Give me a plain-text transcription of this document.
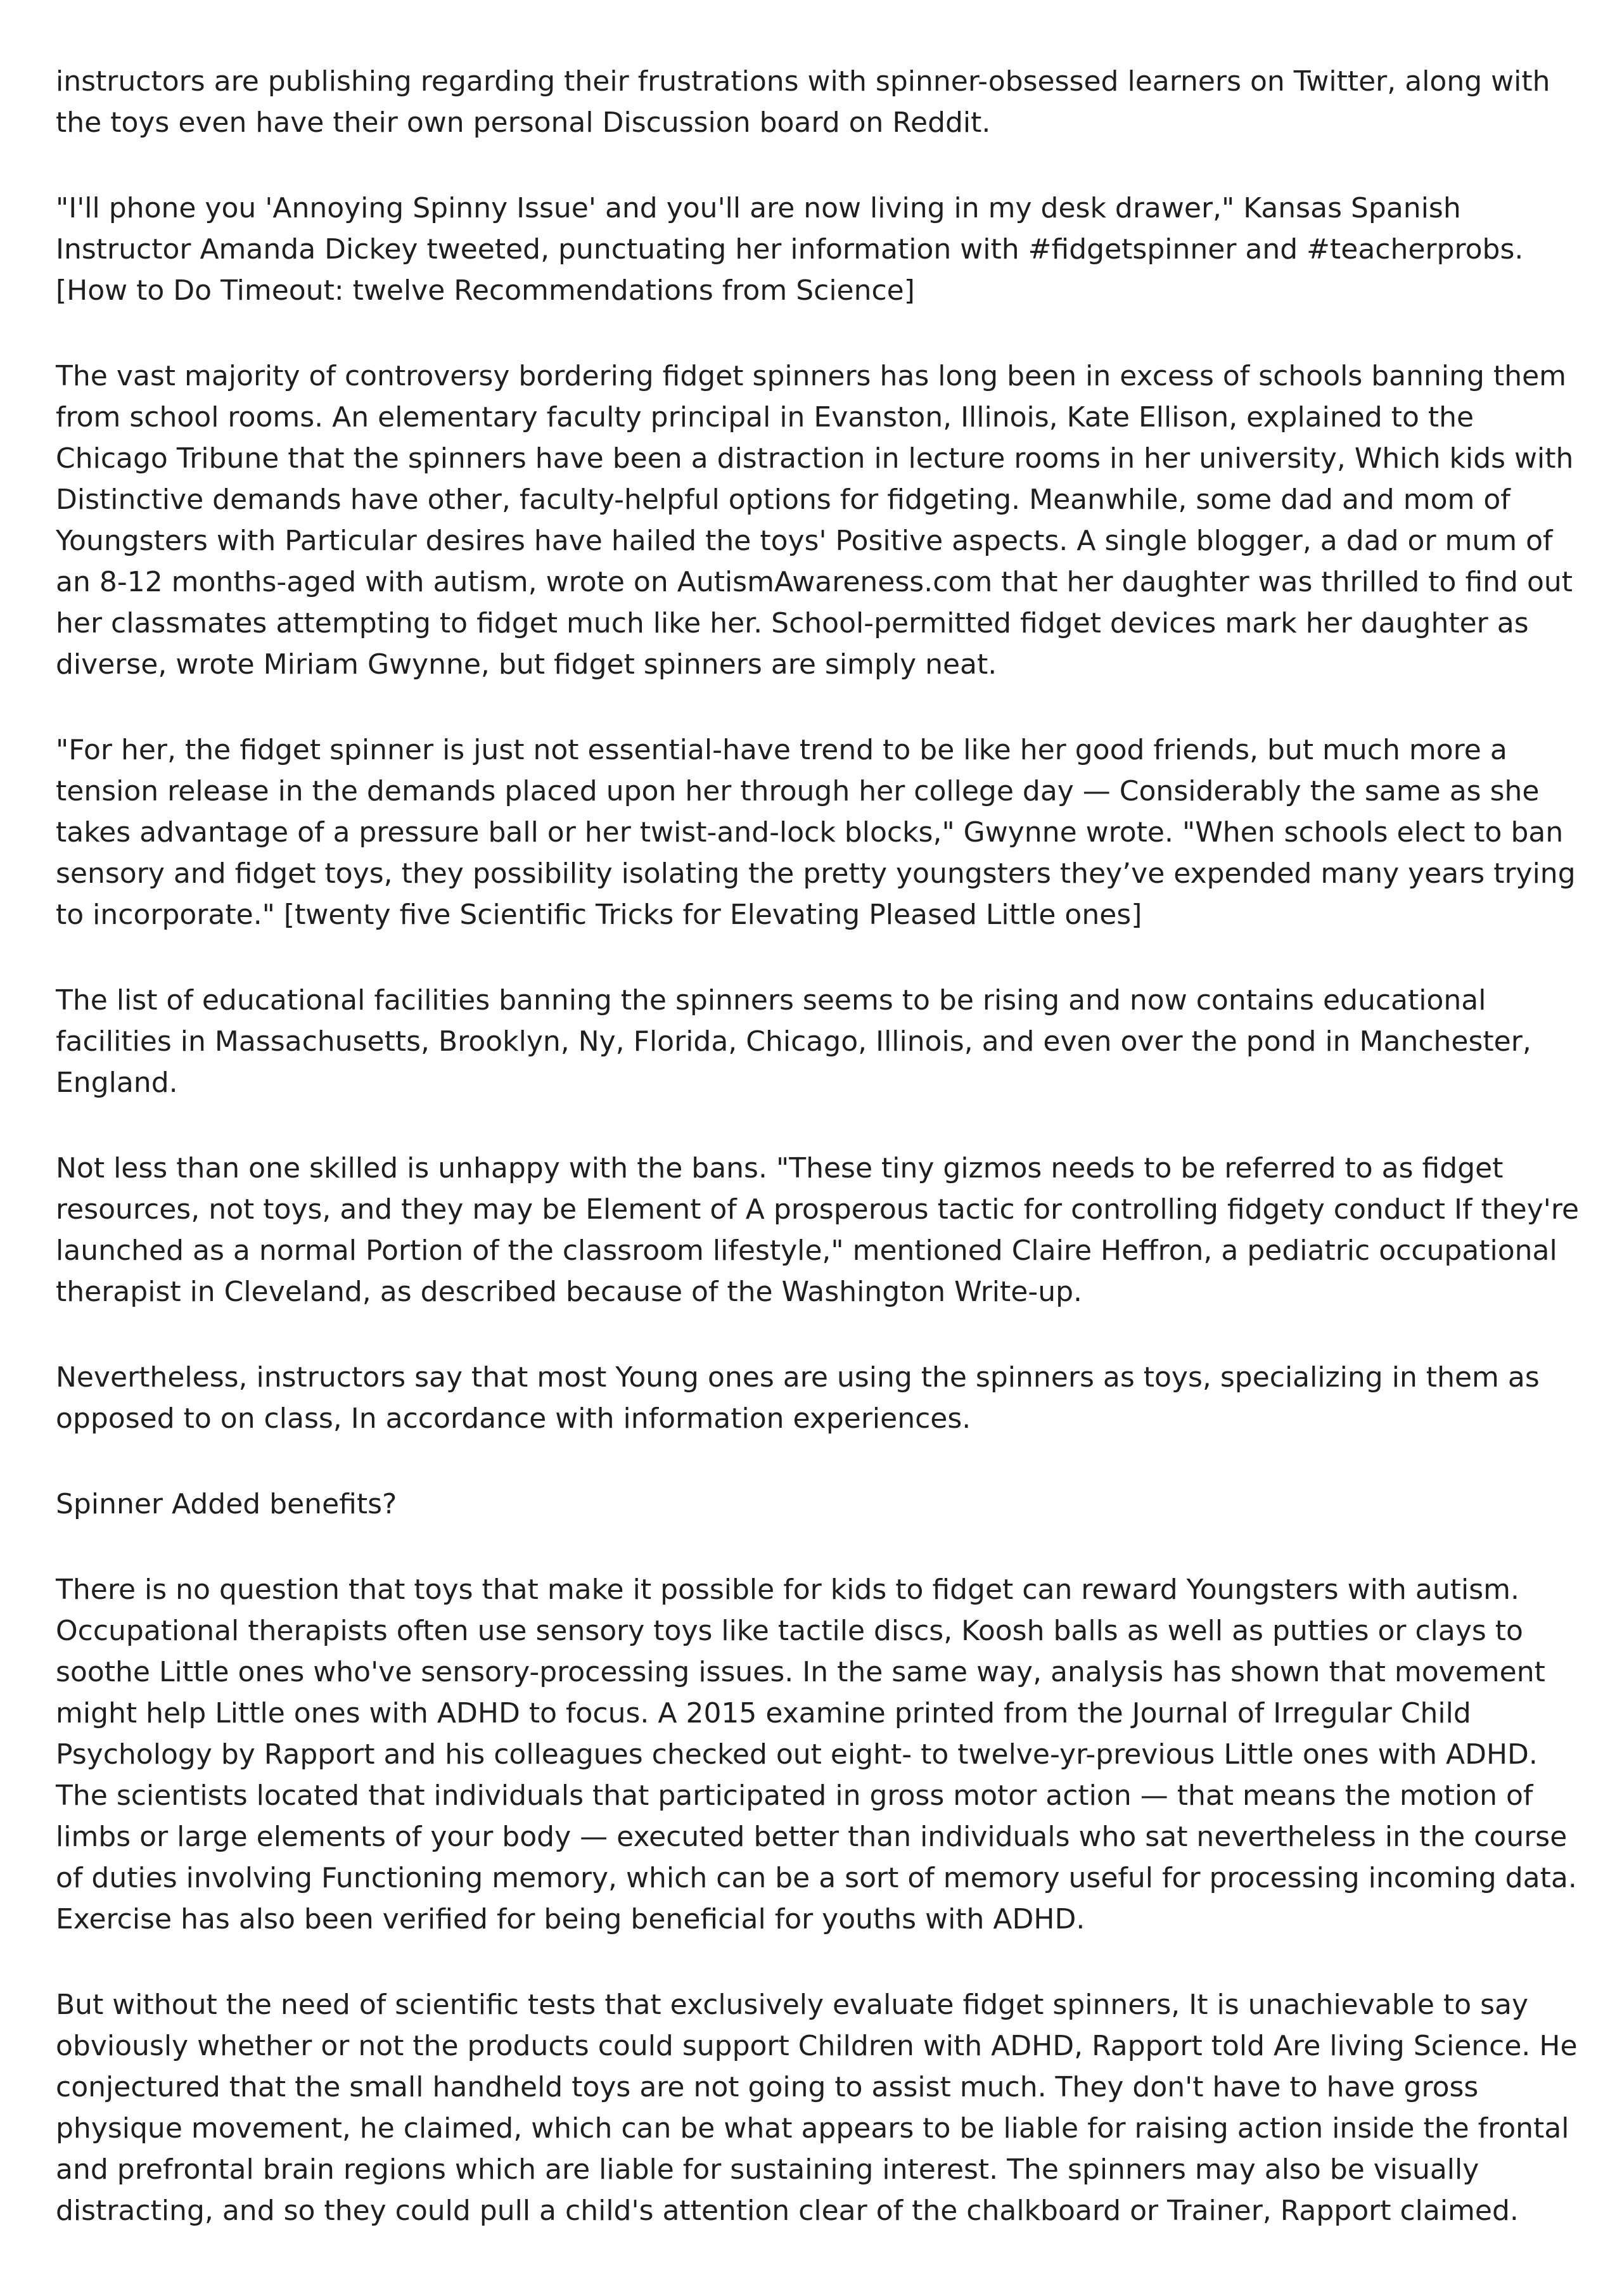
instructors are publishing regarding their frustrations with spinner-obsessed learners on Twitter, along with the toys even have their own personal Discussion board on Reddit.

"I'll phone you 'Annoying Spinny Issue' and you'll are now living in my desk drawer," Kansas Spanish Instructor Amanda Dickey tweeted, punctuating her information with #fidgetspinner and #teacherprobs. [How to Do Timeout: twelve Recommendations from Science]

The vast majority of controversy bordering fidget spinners has long been in excess of schools banning them from school rooms. An elementary faculty principal in Evanston, Illinois, Kate Ellison, explained to the Chicago Tribune that the spinners have been a distraction in lecture rooms in her university, Which kids with Distinctive demands have other, faculty-helpful options for fidgeting. Meanwhile, some dad and mom of Youngsters with Particular desires have hailed the toys' Positive aspects. A single blogger, a dad or mum of an 8-12 months-aged with autism, wrote on AutismAwareness.com that her daughter was thrilled to find out her classmates attempting to fidget much like her. School-permitted fidget devices mark her daughter as diverse, wrote Miriam Gwynne, but fidget spinners are simply neat.

"For her, the fidget spinner is just not essential-have trend to be like her good friends, but much more a tension release in the demands placed upon her through her college day — Considerably the same as she takes advantage of a pressure ball or her twist-and-lock blocks," Gwynne wrote. "When schools elect to ban sensory and fidget toys, they possibility isolating the pretty youngsters they’ve expended many years trying to incorporate." [twenty five Scientific Tricks for Elevating Pleased Little ones]

The list of educational facilities banning the spinners seems to be rising and now contains educational facilities in Massachusetts, Brooklyn, Ny, Florida, Chicago, Illinois, and even over the pond in Manchester, England.

Not less than one skilled is unhappy with the bans. "These tiny gizmos needs to be referred to as fidget resources, not toys, and they may be Element of A prosperous tactic for controlling fidgety conduct If they're launched as a normal Portion of the classroom lifestyle," mentioned Claire Heffron, a pediatric occupational therapist in Cleveland, as described because of the Washington Write-up.

Nevertheless, instructors say that most Young ones are using the spinners as toys, specializing in them as opposed to on class, In accordance with information experiences.

Spinner Added benefits?

There is no question that toys that make it possible for kids to fidget can reward Youngsters with autism. Occupational therapists often use sensory toys like tactile discs, Koosh balls as well as putties or clays to soothe Little ones who've sensory-processing issues. In the same way, analysis has shown that movement might help Little ones with ADHD to focus. A 2015 examine printed from the Journal of Irregular Child Psychology by Rapport and his colleagues checked out eight- to twelve-yr-previous Little ones with ADHD. The scientists located that individuals that participated in gross motor action — that means the motion of limbs or large elements of your body — executed better than individuals who sat nevertheless in the course of duties involving Functioning memory, which can be a sort of memory useful for processing incoming data. Exercise has also been verified for being beneficial for youths with ADHD.

But without the need of scientific tests that exclusively evaluate fidget spinners, It is unachievable to say obviously whether or not the products could support Children with ADHD, Rapport told Are living Science. He conjectured that the small handheld toys are not going to assist much. They don't have to have gross physique movement, he claimed, which can be what appears to be liable for raising action inside the frontal and prefrontal brain regions which are liable for sustaining interest. The spinners may also be visually distracting, and so they could pull a child's attention clear of the chalkboard or Trainer, Rapport claimed.
